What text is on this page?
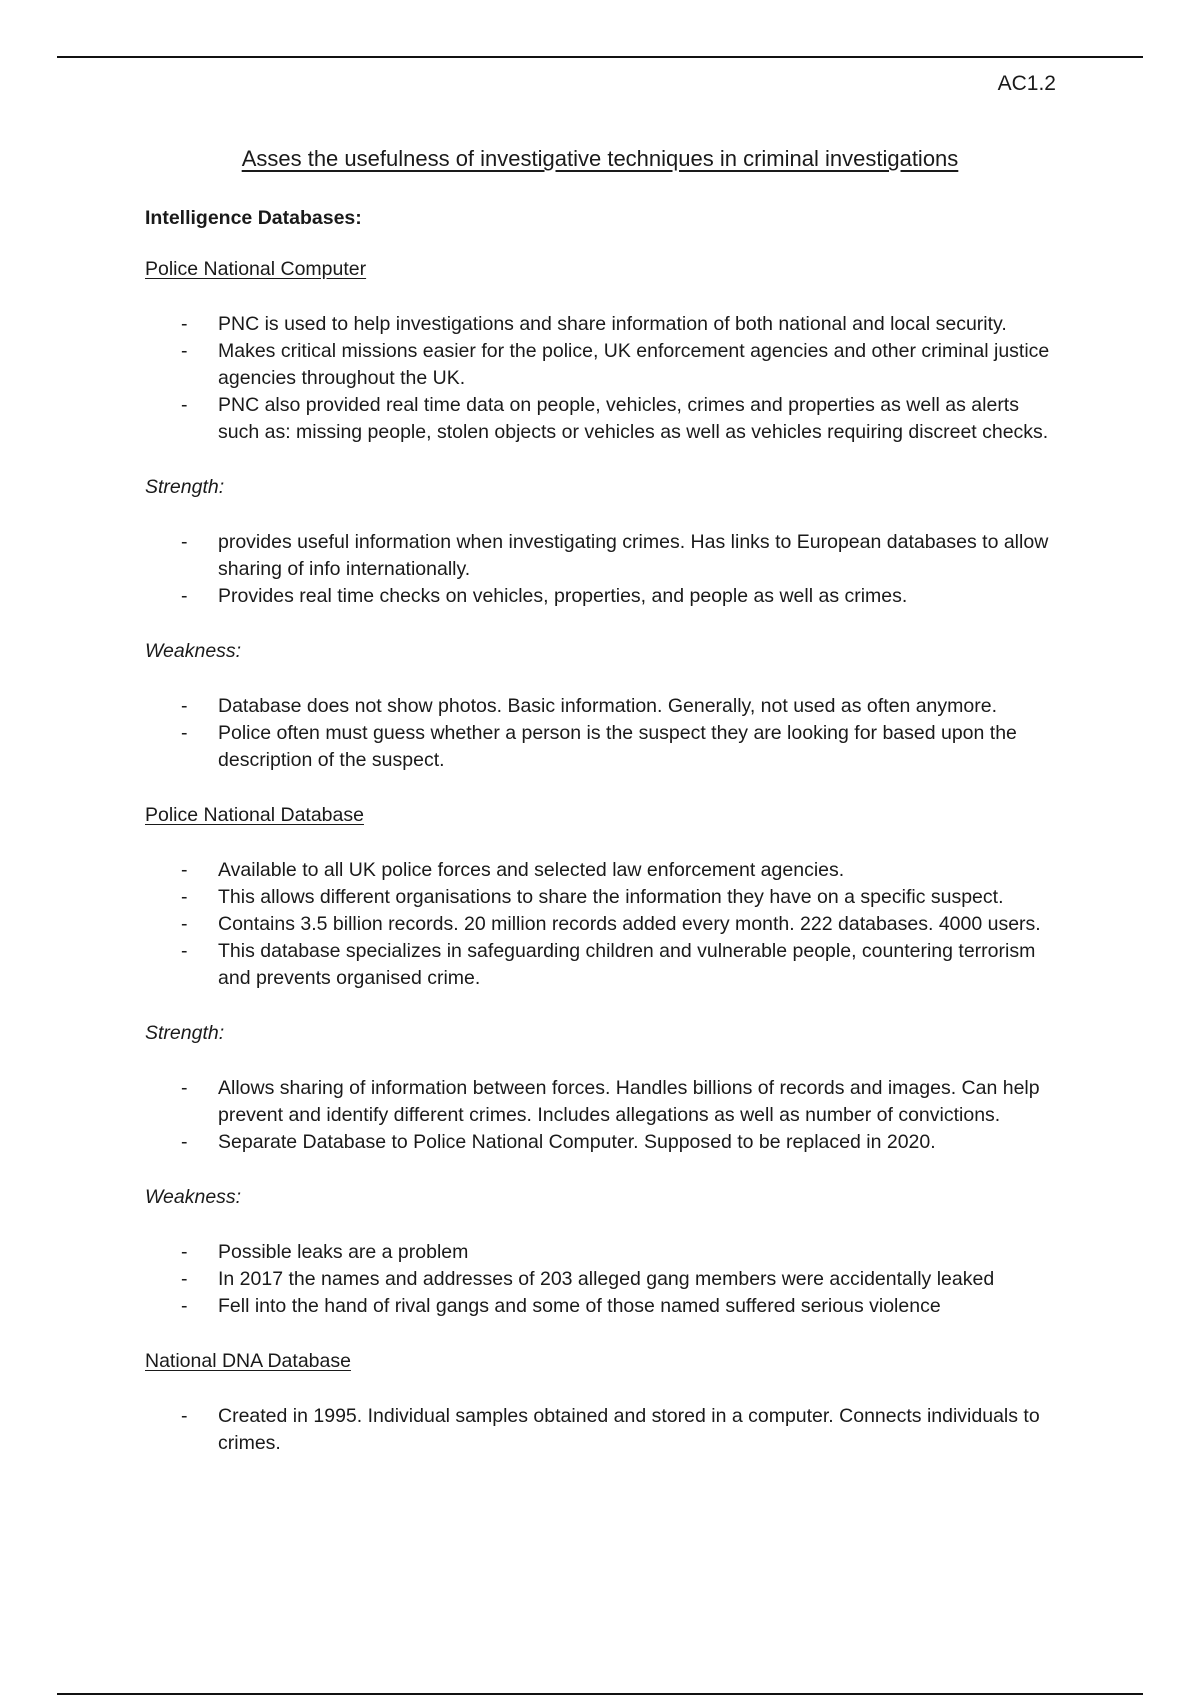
AC1.2
Asses the usefulness of investigative techniques in criminal investigations
Intelligence Databases:
Police National Computer
- PNC is used to help investigations and share information of both national and local security.
- Makes critical missions easier for the police, UK enforcement agencies and other criminal justice agencies throughout the UK.
- PNC also provided real time data on people, vehicles, crimes and properties as well as alerts such as: missing people, stolen objects or vehicles as well as vehicles requiring discreet checks.
Strength:
- provides useful information when investigating crimes. Has links to European databases to allow sharing of info internationally.
- Provides real time checks on vehicles, properties, and people as well as crimes.
Weakness:
- Database does not show photos. Basic information. Generally, not used as often anymore.
- Police often must guess whether a person is the suspect they are looking for based upon the description of the suspect.
Police National Database
- Available to all UK police forces and selected law enforcement agencies.
- This allows different organisations to share the information they have on a specific suspect.
- Contains 3.5 billion records. 20 million records added every month. 222 databases. 4000 users.
- This database specializes in safeguarding children and vulnerable people, countering terrorism and prevents organised crime.
Strength:
- Allows sharing of information between forces. Handles billions of records and images. Can help prevent and identify different crimes. Includes allegations as well as number of convictions.
- Separate Database to Police National Computer. Supposed to be replaced in 2020.
Weakness:
- Possible leaks are a problem
- In 2017 the names and addresses of 203 alleged gang members were accidentally leaked
- Fell into the hand of rival gangs and some of those named suffered serious violence
National DNA Database
- Created in 1995. Individual samples obtained and stored in a computer. Connects individuals to crimes.
